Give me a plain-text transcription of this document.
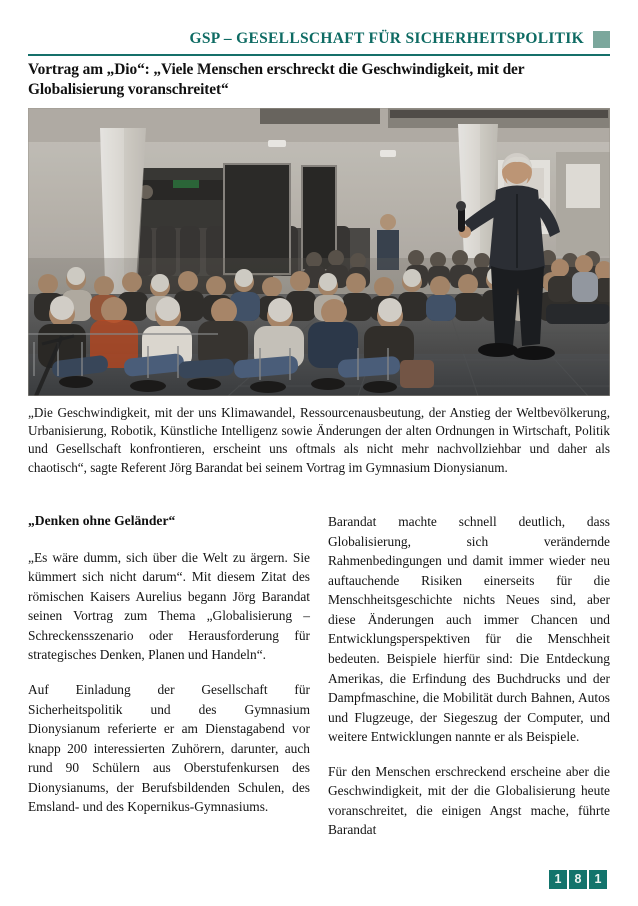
GSP – GESELLSCHAFT FÜR SICHERHEITSPOLITIK
Vortrag am „Dio“: „Viele Menschen erschreckt die Geschwindigkeit, mit der Globalisierung voranschreitet“
„Die Geschwindigkeit, mit der uns Klimawandel, Ressourcenausbeutung, der Anstieg der Weltbevölkerung, Urbanisierung, Robotik, Künstliche Intelligenz sowie Änderungen der alten Ordnungen in Wirtschaft, Politik und Gesellschaft konfrontieren, erscheint uns oftmals als nicht mehr nachvollziehbar und daher als chaotisch“, sagte Referent Jörg Barandat bei seinem Vortrag im Gymnasium Dionysianum.
„Denken ohne Geländer“

„Es wäre dumm, sich über die Welt zu ärgern. Sie kümmert sich nicht darum“. Mit diesem Zitat des römischen Kaisers Aurelius begann Jörg Barandat seinen Vortrag zum Thema „Globalisierung – Schreckensszenario oder Herausforderung für strategisches Denken, Planen und Handeln“.

Auf Einladung der Gesellschaft für Sicherheitspolitik und des Gymnasium Dionysianum referierte er am Dienstagabend vor knapp 200 interessierten Zuhörern, darunter, auch rund 90 Schülern aus Oberstufenkursen des Dionysianums, der Berufsbildenden Schulen, des Emsland- und des Kopernikus-Gymnasiums.

Barandat machte schnell deutlich, dass Globalisierung, sich verändernde Rahmenbedingungen und damit immer wieder neu auftauchende Risiken einerseits für die Menschheitsgeschichte nichts Neues sind, aber diese Änderungen auch immer Chancen und Entwicklungsperspektiven für die Menschheit bedeuten. Beispiele hierfür sind: Die Entdeckung Amerikas, die Erfindung des Buchdrucks und der Dampfmaschine, die Mobilität durch Bahnen, Autos und Flugzeuge, der Siegeszug der Computer, und weitere Entwicklungen nannte er als Beispiele.

Für den Menschen erschreckend erscheine aber die Geschwindigkeit, mit der die Globalisierung heute voranschreitet, die einigen Angst mache, führte Barandat

1	8	1
